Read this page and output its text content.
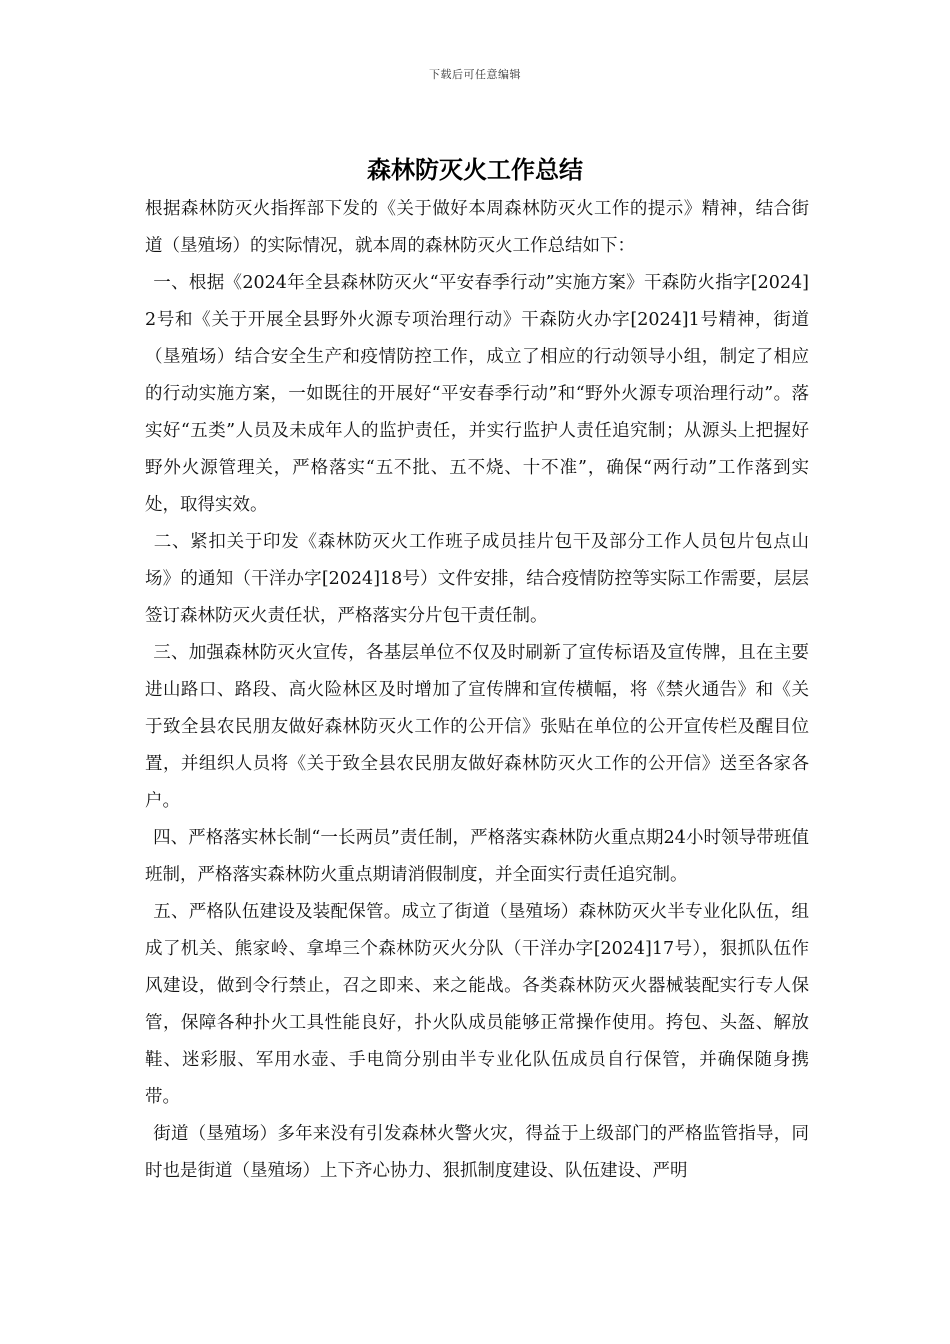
下载后可任意编辑
森林防灭火工作总结

根据森林防灭火指挥部下发的《关于做好本周森林防灭火工作的提示》精神，结合街道（垦殖场）的实际情况，就本周的森林防灭火工作总结如下：

一、根据《2024年全县森林防灭火“平安春季行动”实施方案》干森防火指字[2024]2号和《关于开展全县野外火源专项治理行动》干森防火办字[2024]1号精神，街道（垦殖场）结合安全生产和疫情防控工作，成立了相应的行动领导小组，制定了相应的行动实施方案，一如既往的开展好“平安春季行动”和“野外火源专项治理行动”。落实好“五类”人员及未成年人的监护责任，并实行监护人责任追究制；从源头上把握好野外火源管理关，严格落实“五不批、五不烧、十不准”，确保“两行动”工作落到实处，取得实效。

二、紧扣关于印发《森林防灭火工作班子成员挂片包干及部分工作人员包片包点山场》的通知（干洋办字[2024]18号）文件安排，结合疫情防控等实际工作需要，层层签订森林防灭火责任状，严格落实分片包干责任制。

三、加强森林防灭火宣传，各基层单位不仅及时刷新了宣传标语及宣传牌，且在主要进山路口、路段、高火险林区及时增加了宣传牌和宣传横幅，将《禁火通告》和《关于致全县农民朋友做好森林防灭火工作的公开信》张贴在单位的公开宣传栏及醒目位置，并组织人员将《关于致全县农民朋友做好森林防灭火工作的公开信》送至各家各户。

四、严格落实林长制“一长两员”责任制，严格落实森林防火重点期24小时领导带班值班制，严格落实森林防火重点期请消假制度，并全面实行责任追究制。

五、严格队伍建设及装配保管。成立了街道（垦殖场）森林防灭火半专业化队伍，组成了机关、熊家岭、拿埠三个森林防灭火分队（干洋办字[2024]17号），狠抓队伍作风建设，做到令行禁止，召之即来、来之能战。各类森林防灭火器械装配实行专人保管，保障各种扑火工具性能良好，扑火队成员能够正常操作使用。挎包、头盔、解放鞋、迷彩服、军用水壶、手电筒分别由半专业化队伍成员自行保管，并确保随身携带。

街道（垦殖场）多年来没有引发森林火警火灾，得益于上级部门的严格监管指导，同时也是街道（垦殖场）上下齐心协力、狠抓制度建设、队伍建设、严明
